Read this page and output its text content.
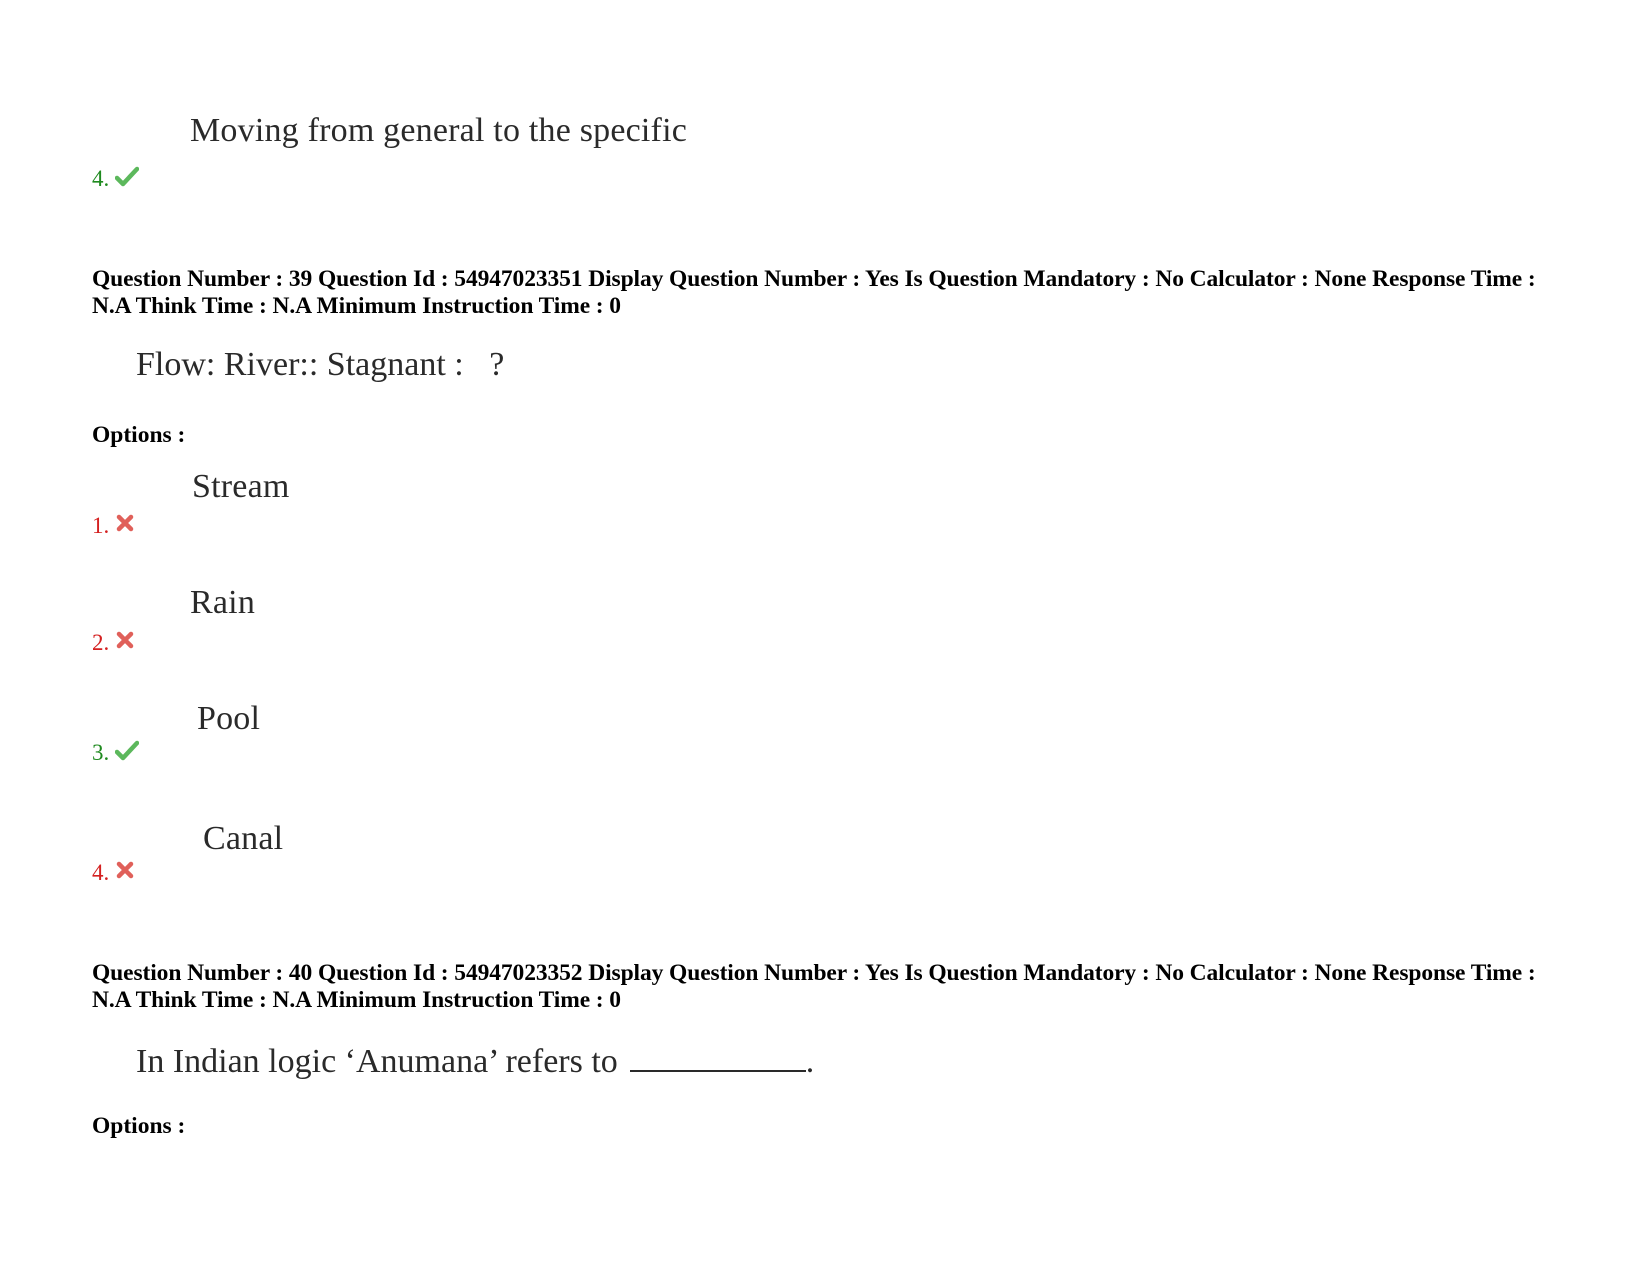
Moving from general to the specific
4.
Question Number : 39 Question Id : 54947023351 Display Question Number : Yes Is Question Mandatory : No Calculator : None Response Time : N.A Think Time : N.A Minimum Instruction Time : 0
Flow: River:: Stagnant :   ?
Options :
Stream
1.
Rain
2.
Pool
3.
Canal
4.
Question Number : 40 Question Id : 54947023352 Display Question Number : Yes Is Question Mandatory : No Calculator : None Response Time : N.A Think Time : N.A Minimum Instruction Time : 0
In Indian logic ‘Anumana’ refers to	.
Options :
